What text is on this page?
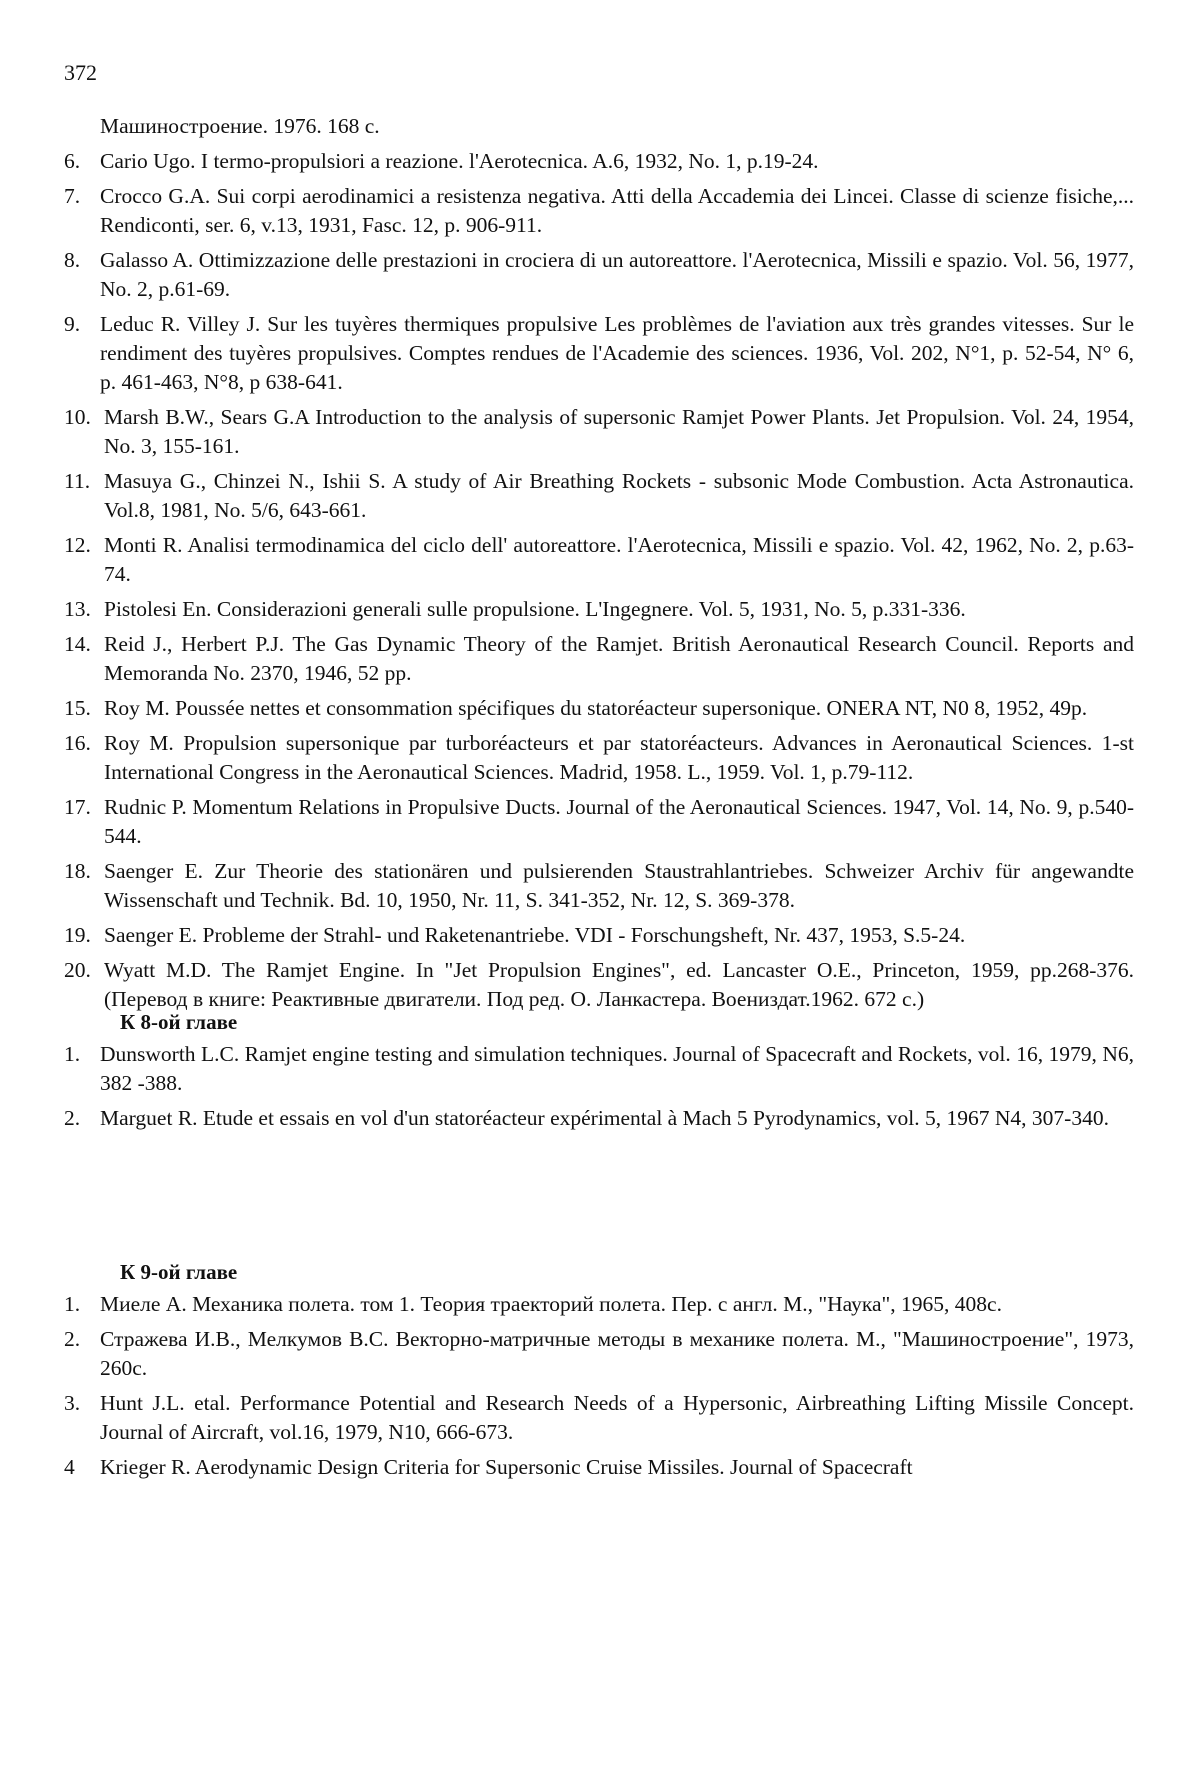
372
Машиностроение. 1976. 168 с.
6. Cario Ugo. I termo-propulsiori a reazione. l'Aerotecnica. A.6, 1932, No. 1, p.19-24.
7. Crocco G.A. Sui corpi aerodinamici a resistenza negativa. Atti della Accademia dei Lincei. Classe di scienze fisiche,... Rendiconti, ser. 6, v.13, 1931, Fasc. 12, p. 906-911.
8. Galasso A. Ottimizzazione delle prestazioni in crociera di un autoreattore. l'Aerotecnica, Missili e spazio. Vol. 56, 1977, No. 2, p.61-69.
9. Leduc R. Villey J. Sur les tuyères thermiques propulsive Les problèmes de l'aviation aux très grandes vitesses. Sur le rendiment des tuyères propulsives. Comptes rendues de l'Academie des sciences. 1936, Vol. 202, N°1, p. 52-54, N° 6, p. 461-463, N°8, p 638-641.
10. Marsh B.W., Sears G.A Introduction to the analysis of supersonic Ramjet Power Plants. Jet Propulsion. Vol. 24, 1954, No. 3, 155-161.
11. Masuya G., Chinzei N., Ishii S. A study of Air Breathing Rockets - subsonic Mode Combustion. Acta Astronautica. Vol.8, 1981, No. 5/6, 643-661.
12. Monti R. Analisi termodinamica del ciclo dell' autoreattore. l'Aerotecnica, Missili e spazio. Vol. 42, 1962, No. 2, p.63-74.
13. Pistolesi En. Considerazioni generali sulle propulsione. L'Ingegnere. Vol. 5, 1931, No. 5, p.331-336.
14. Reid J., Herbert P.J. The Gas Dynamic Theory of the Ramjet. British Aeronautical Research Council. Reports and Memoranda No. 2370, 1946, 52 pp.
15. Roy M. Poussée nettes et consommation spécifiques du statoréacteur supersonique. ONERA NT, N0 8, 1952, 49p.
16. Roy M. Propulsion supersonique par turboréacteurs et par statoréacteurs. Advances in Aeronautical Sciences. 1-st International Congress in the Aeronautical Sciences. Madrid, 1958. L., 1959. Vol. 1, p.79-112.
17. Rudnic P. Momentum Relations in Propulsive Ducts. Journal of the Aeronautical Sciences. 1947, Vol. 14, No. 9, p.540-544.
18. Saenger E. Zur Theorie des stationären und pulsierenden Staustrahlantriebes. Schweizer Archiv für angewandte Wissenschaft und Technik. Bd. 10, 1950, Nr. 11, S. 341-352, Nr. 12, S. 369-378.
19. Saenger E. Probleme der Strahl- und Raketenantriebe. VDI - Forschungsheft, Nr. 437, 1953, S.5-24.
20. Wyatt M.D. The Ramjet Engine. In "Jet Propulsion Engines", ed. Lancaster O.E., Princeton, 1959, pp.268-376. (Перевод в книге: Реактивные двигатели. Под ред. О. Ланкастера. Воениздат.1962. 672 с.)
К 8-ой главе
1. Dunsworth L.C. Ramjet engine testing and simulation techniques. Journal of Spacecraft and Rockets, vol. 16, 1979, N6, 382 -388.
2. Marguet R. Etude et essais en vol d'un statoréacteur expérimental à Mach 5 Pyrodynamics, vol. 5, 1967 N4, 307-340.
К 9-ой главе
1. Миеле А. Механика полета. том 1. Теория траекторий полета. Пер. с англ. М., "Наука", 1965, 408с.
2. Стражева И.В., Мелкумов В.С. Векторно-матричные методы в механике полета. М., "Машиностроение", 1973, 260с.
3. Hunt J.L. etal. Performance Potential and Research Needs of a Hypersonic, Airbreathing Lifting Missile Concept. Journal of Aircraft, vol.16, 1979, N10, 666-673.
4	Krieger R. Aerodynamic Design Criteria for Supersonic Cruise Missiles. Journal of Spacecraft
